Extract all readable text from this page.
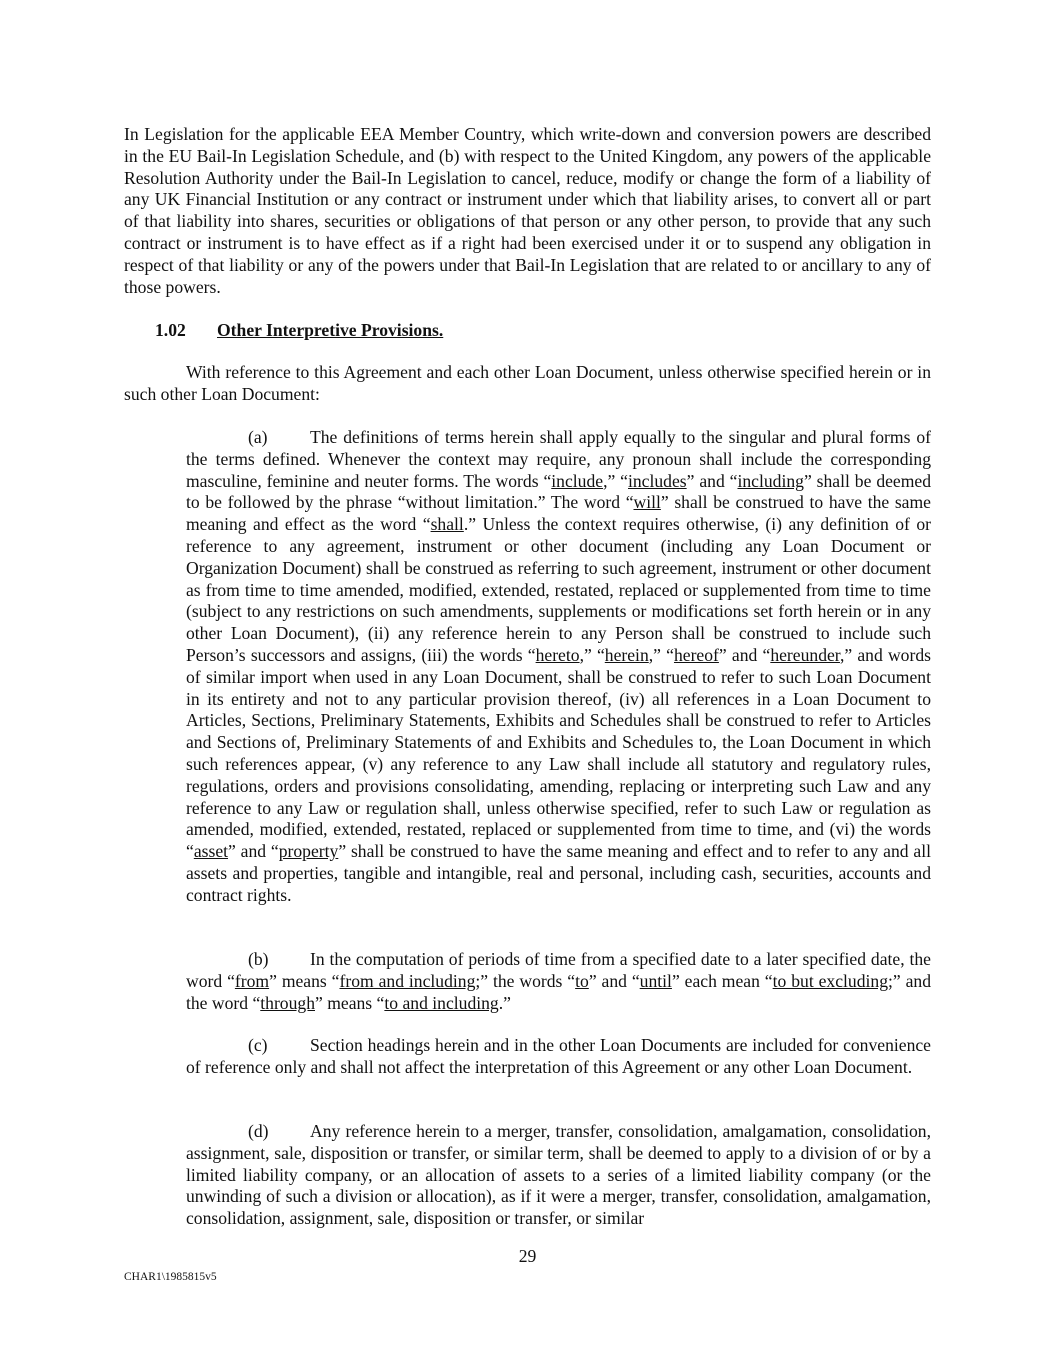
In Legislation for the applicable EEA Member Country, which write-down and conversion powers are described in the EU Bail-In Legislation Schedule, and (b) with respect to the United Kingdom, any powers of the applicable Resolution Authority under the Bail-In Legislation to cancel, reduce, modify or change the form of a liability of any UK Financial Institution or any contract or instrument under which that liability arises, to convert all or part of that liability into shares, securities or obligations of that person or any other person, to provide that any such contract or instrument is to have effect as if a right had been exercised under it or to suspend any obligation in respect of that liability or any of the powers under that Bail-In Legislation that are related to or ancillary to any of those powers.

1.02 Other Interpretive Provisions.

With reference to this Agreement and each other Loan Document, unless otherwise specified herein or in such other Loan Document:

(a) The definitions of terms herein shall apply equally to the singular and plural forms of the terms defined. Whenever the context may require, any pronoun shall include the corresponding masculine, feminine and neuter forms. The words “include,” “includes” and “including” shall be deemed to be followed by the phrase “without limitation.” The word “will” shall be construed to have the same meaning and effect as the word “shall.” Unless the context requires otherwise, (i) any definition of or reference to any agreement, instrument or other document (including any Loan Document or Organization Document) shall be construed as referring to such agreement, instrument or other document as from time to time amended, modified, extended, restated, replaced or supplemented from time to time (subject to any restrictions on such amendments, supplements or modifications set forth herein or in any other Loan Document), (ii) any reference herein to any Person shall be construed to include such Person’s successors and assigns, (iii) the words “hereto,” “herein,” “hereof” and “hereunder,” and words of similar import when used in any Loan Document, shall be construed to refer to such Loan Document in its entirety and not to any particular provision thereof, (iv) all references in a Loan Document to Articles, Sections, Preliminary Statements, Exhibits and Schedules shall be construed to refer to Articles and Sections of, Preliminary Statements of and Exhibits and Schedules to, the Loan Document in which such references appear, (v) any reference to any Law shall include all statutory and regulatory rules, regulations, orders and provisions consolidating, amending, replacing or interpreting such Law and any reference to any Law or regulation shall, unless otherwise specified, refer to such Law or regulation as amended, modified, extended, restated, replaced or supplemented from time to time, and (vi) the words “asset” and “property” shall be construed to have the same meaning and effect and to refer to any and all assets and properties, tangible and intangible, real and personal, including cash, securities, accounts and contract rights.

(b) In the computation of periods of time from a specified date to a later specified date, the word “from” means “from and including;” the words “to” and “until” each mean “to but excluding;” and the word “through” means “to and including.”

(c) Section headings herein and in the other Loan Documents are included for convenience of reference only and shall not affect the interpretation of this Agreement or any other Loan Document.

(d) Any reference herein to a merger, transfer, consolidation, amalgamation, consolidation, assignment, sale, disposition or transfer, or similar term, shall be deemed to apply to a division of or by a limited liability company, or an allocation of assets to a series of a limited liability company (or the unwinding of such a division or allocation), as if it were a merger, transfer, consolidation, amalgamation, consolidation, assignment, sale, disposition or transfer, or similar

29
CHAR1\1985815v5
